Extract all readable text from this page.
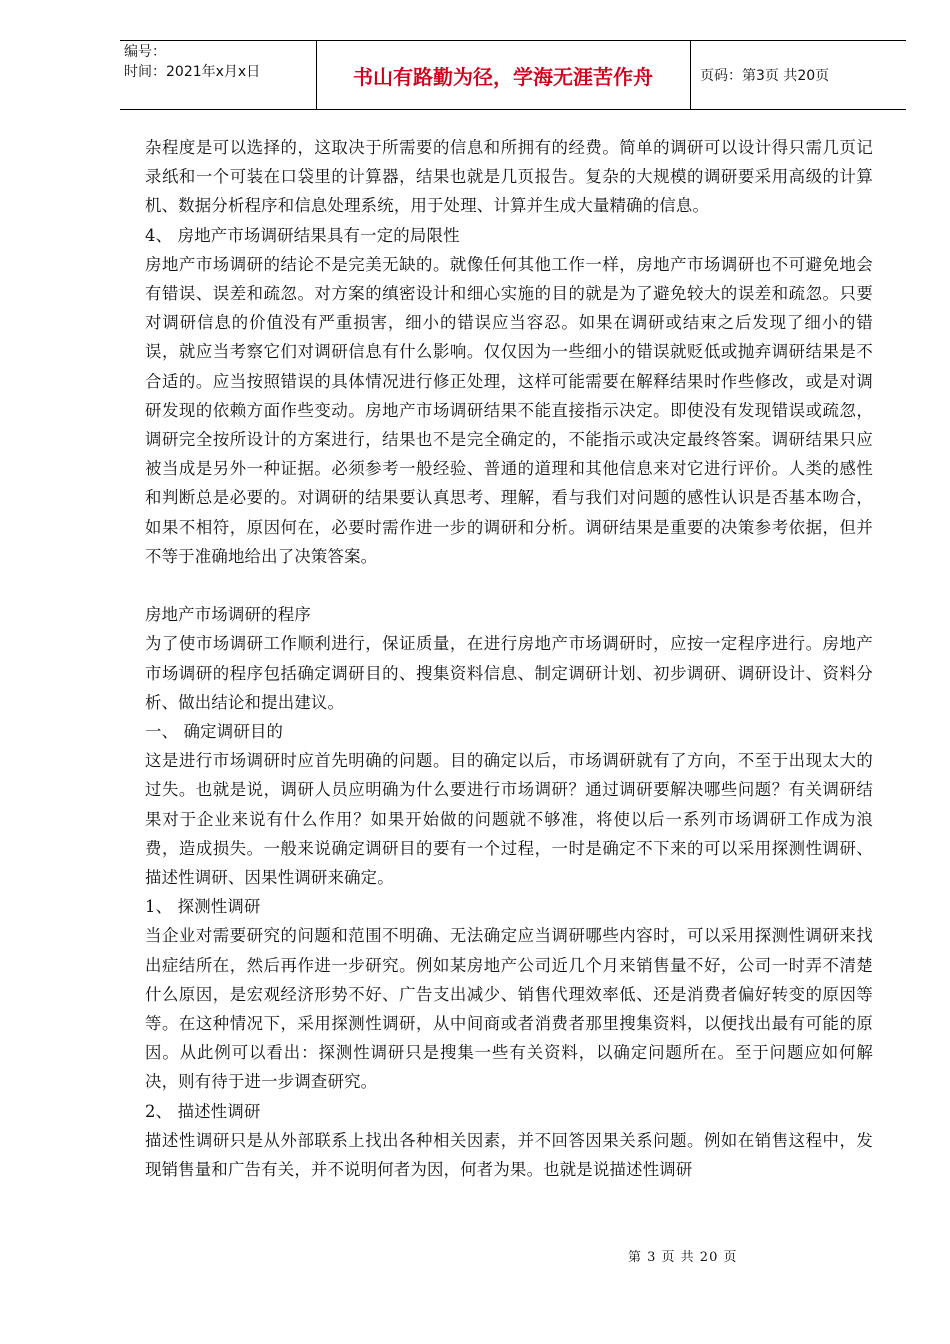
编号：
时间：2021年x月x日	书山有路勤为径，学海无涯苦作舟	页码：第3页 共20页

杂程度是可以选择的，这取决于所需要的信息和所拥有的经费。简单的调研可以设计得只需几页记录纸和一个可装在口袋里的计算器，结果也就是几页报告。复杂的大规模的调研要采用高级的计算机、数据分析程序和信息处理系统，用于处理、计算并生成大量精确的信息。

4、 房地产市场调研结果具有一定的局限性

房地产市场调研的结论不是完美无缺的。就像任何其他工作一样，房地产市场调研也不可避免地会有错误、误差和疏忽。对方案的缜密设计和细心实施的目的就是为了避免较大的误差和疏忽。只要对调研信息的价值没有严重损害，细小的错误应当容忍。如果在调研或结束之后发现了细小的错误，就应当考察它们对调研信息有什么影响。仅仅因为一些细小的错误就贬低或抛弃调研结果是不合适的。应当按照错误的具体情况进行修正处理，这样可能需要在解释结果时作些修改，或是对调研发现的依赖方面作些变动。房地产市场调研结果不能直接指示决定。即使没有发现错误或疏忽，调研完全按所设计的方案进行，结果也不是完全确定的，不能指示或决定最终答案。调研结果只应被当成是另外一种证据。必须参考一般经验、普通的道理和其他信息来对它进行评价。人类的感性和判断总是必要的。对调研的结果要认真思考、理解，看与我们对问题的感性认识是否基本吻合，如果不相符，原因何在，必要时需作进一步的调研和分析。调研结果是重要的决策参考依据，但并不等于准确地给出了决策答案。

房地产市场调研的程序

为了使市场调研工作顺利进行，保证质量，在进行房地产市场调研时，应按一定程序进行。房地产市场调研的程序包括确定调研目的、搜集资料信息、制定调研计划、初步调研、调研设计、资料分析、做出结论和提出建议。

一、 确定调研目的

这是进行市场调研时应首先明确的问题。目的确定以后，市场调研就有了方向，不至于出现太大的过失。也就是说，调研人员应明确为什么要进行市场调研？通过调研要解决哪些问题？有关调研结果对于企业来说有什么作用？如果开始做的问题就不够准，将使以后一系列市场调研工作成为浪费，造成损失。一般来说确定调研目的要有一个过程，一时是确定不下来的可以采用探测性调研、描述性调研、因果性调研来确定。

1、 探测性调研

当企业对需要研究的问题和范围不明确、无法确定应当调研哪些内容时，可以采用探测性调研来找出症结所在，然后再作进一步研究。例如某房地产公司近几个月来销售量不好，公司一时弄不清楚什么原因，是宏观经济形势不好、广告支出减少、销售代理效率低、还是消费者偏好转变的原因等等。在这种情况下，采用探测性调研，从中间商或者消费者那里搜集资料，以便找出最有可能的原因。从此例可以看出：探测性调研只是搜集一些有关资料，以确定问题所在。至于问题应如何解决，则有待于进一步调查研究。

2、 描述性调研

描述性调研只是从外部联系上找出各种相关因素，并不回答因果关系问题。例如在销售这程中，发现销售量和广告有关，并不说明何者为因，何者为果。也就是说描述性调研

第 3 页 共 20 页
